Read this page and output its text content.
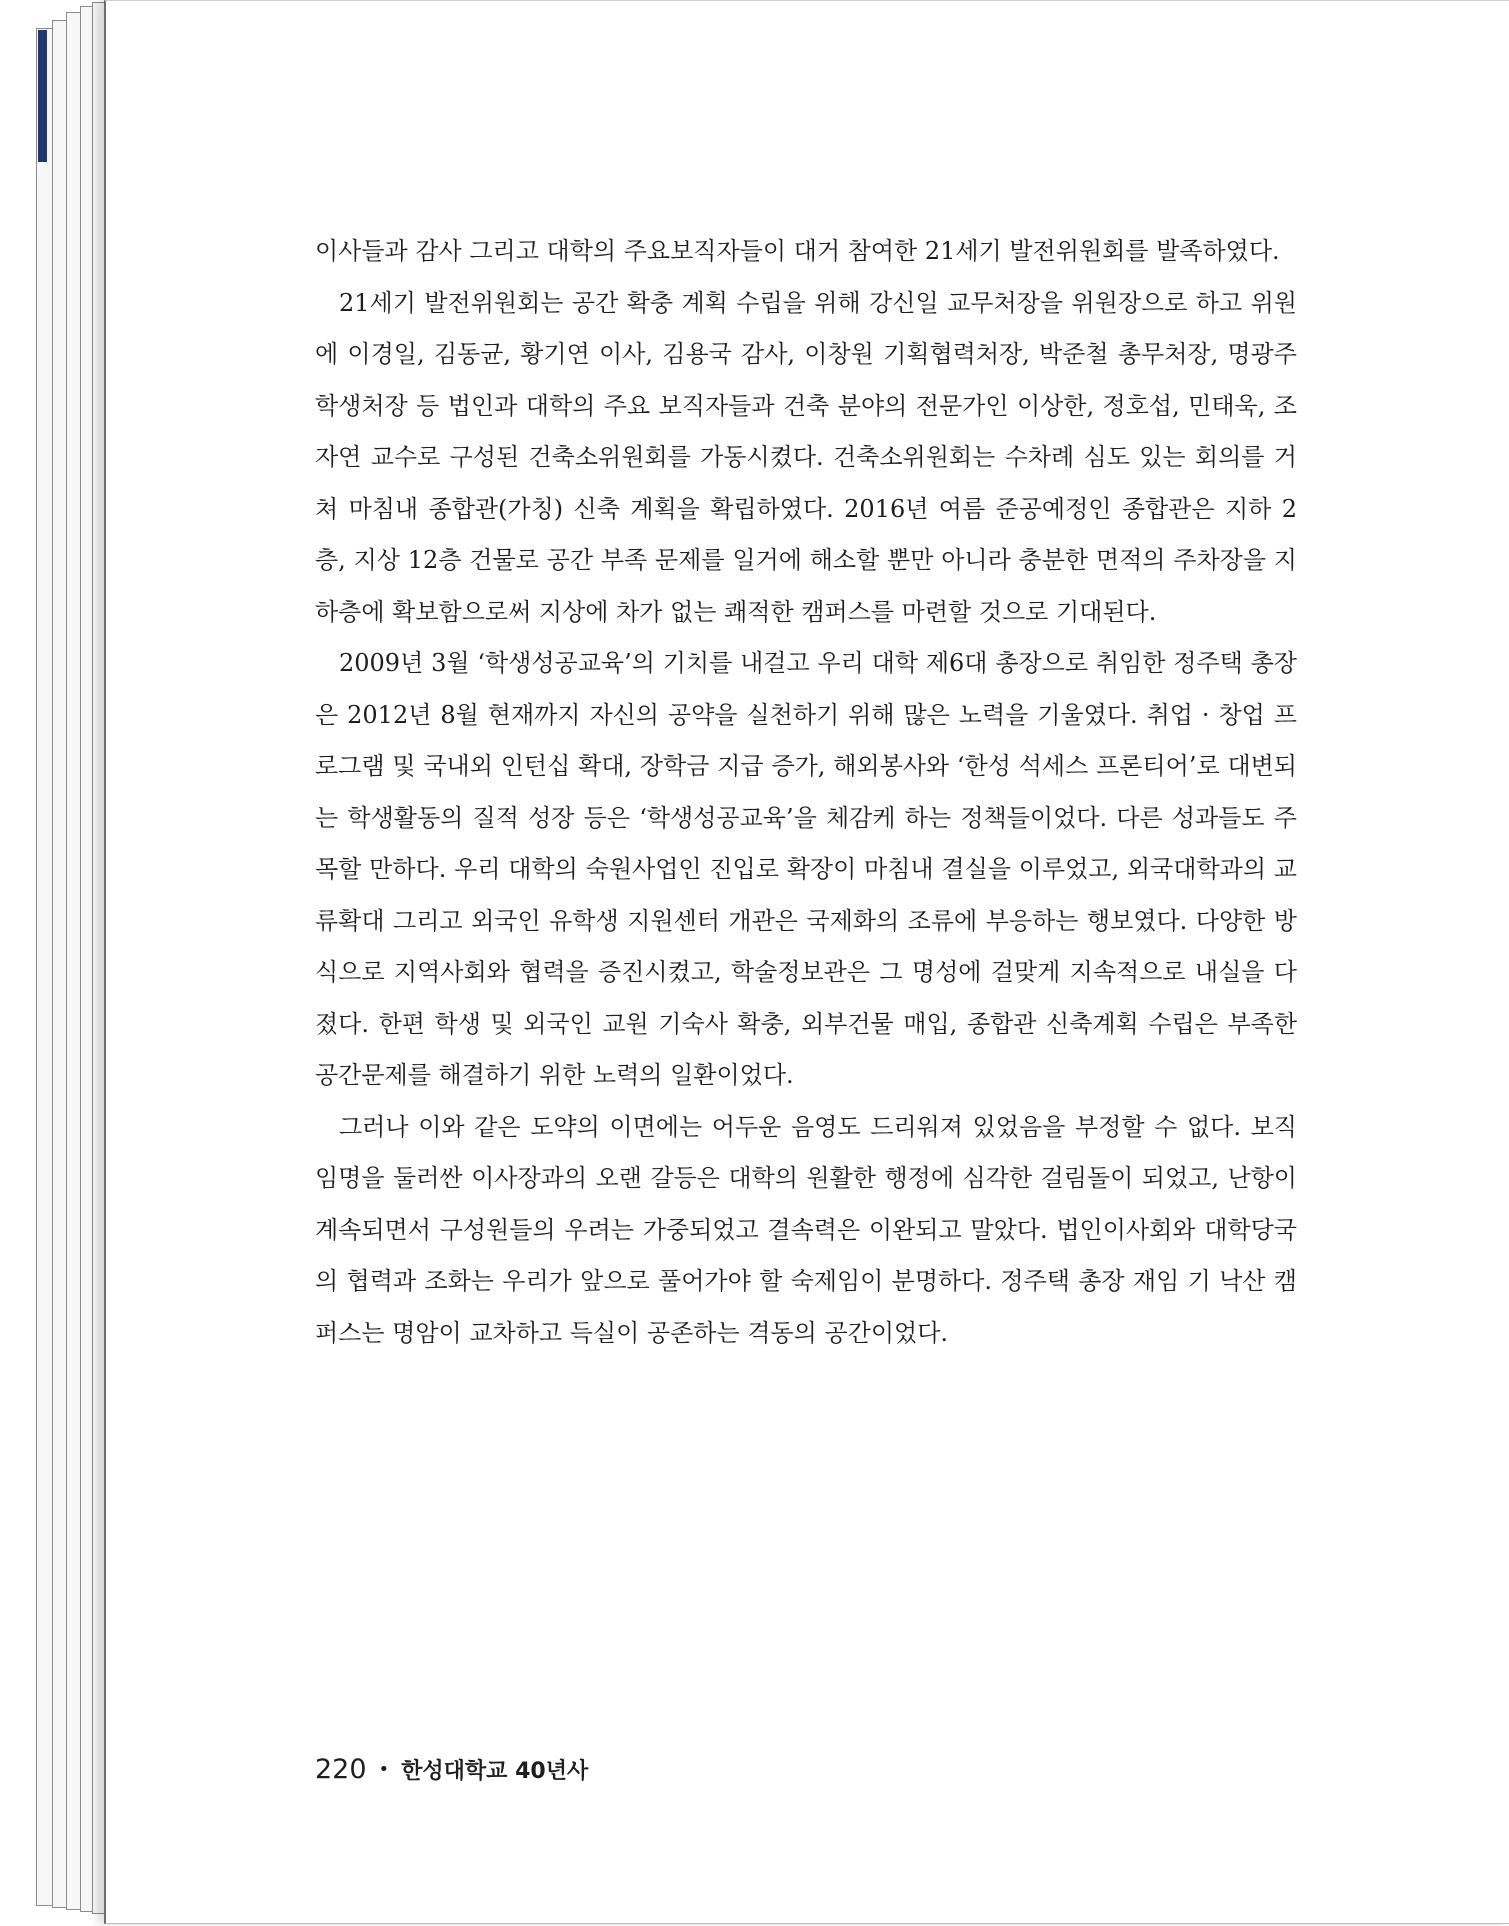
이사들과 감사 그리고 대학의 주요보직자들이 대거 참여한 21세기 발전위원회를 발족하였다.

21세기 발전위원회는 공간 확충 계획 수립을 위해 강신일 교무처장을 위원장으로 하고 위원에 이경일, 김동균, 황기연 이사, 김용국 감사, 이창원 기획협력처장, 박준철 총무처장, 명광주 학생처장 등 법인과 대학의 주요 보직자들과 건축 분야의 전문가인 이상한, 정호섭, 민태욱, 조자연 교수로 구성된 건축소위원회를 가동시켰다. 건축소위원회는 수차례 심도 있는 회의를 거쳐 마침내 종합관(가칭) 신축 계획을 확립하였다. 2016년 여름 준공예정인 종합관은 지하 2층, 지상 12층 건물로 공간 부족 문제를 일거에 해소할 뿐만 아니라 충분한 면적의 주차장을 지하층에 확보함으로써 지상에 차가 없는 쾌적한 캠퍼스를 마련할 것으로 기대된다.

2009년 3월 ‘학생성공교육’의 기치를 내걸고 우리 대학 제6대 총장으로 취임한 정주택 총장은 2012년 8월 현재까지 자신의 공약을 실천하기 위해 많은 노력을 기울였다. 취업 · 창업 프로그램 및 국내외 인턴십 확대, 장학금 지급 증가, 해외봉사와 ‘한성 석세스 프론티어’로 대변되는 학생활동의 질적 성장 등은 ‘학생성공교육’을 체감케 하는 정책들이었다. 다른 성과들도 주목할 만하다. 우리 대학의 숙원사업인 진입로 확장이 마침내 결실을 이루었고, 외국대학과의 교류확대 그리고 외국인 유학생 지원센터 개관은 국제화의 조류에 부응하는 행보였다. 다양한 방식으로 지역사회와 협력을 증진시켰고, 학술정보관은 그 명성에 걸맞게 지속적으로 내실을 다졌다. 한편 학생 및 외국인 교원 기숙사 확충, 외부건물 매입, 종합관 신축계획 수립은 부족한 공간문제를 해결하기 위한 노력의 일환이었다.

그러나 이와 같은 도약의 이면에는 어두운 음영도 드리워져 있었음을 부정할 수 없다. 보직 임명을 둘러싼 이사장과의 오랜 갈등은 대학의 원활한 행정에 심각한 걸림돌이 되었고, 난항이 계속되면서 구성원들의 우려는 가중되었고 결속력은 이완되고 말았다. 법인이사회와 대학당국의 협력과 조화는 우리가 앞으로 풀어가야 할 숙제임이 분명하다. 정주택 총장 재임 기 낙산 캠퍼스는 명암이 교차하고 득실이 공존하는 격동의 공간이었다.

220 • 한성대학교 40년사
